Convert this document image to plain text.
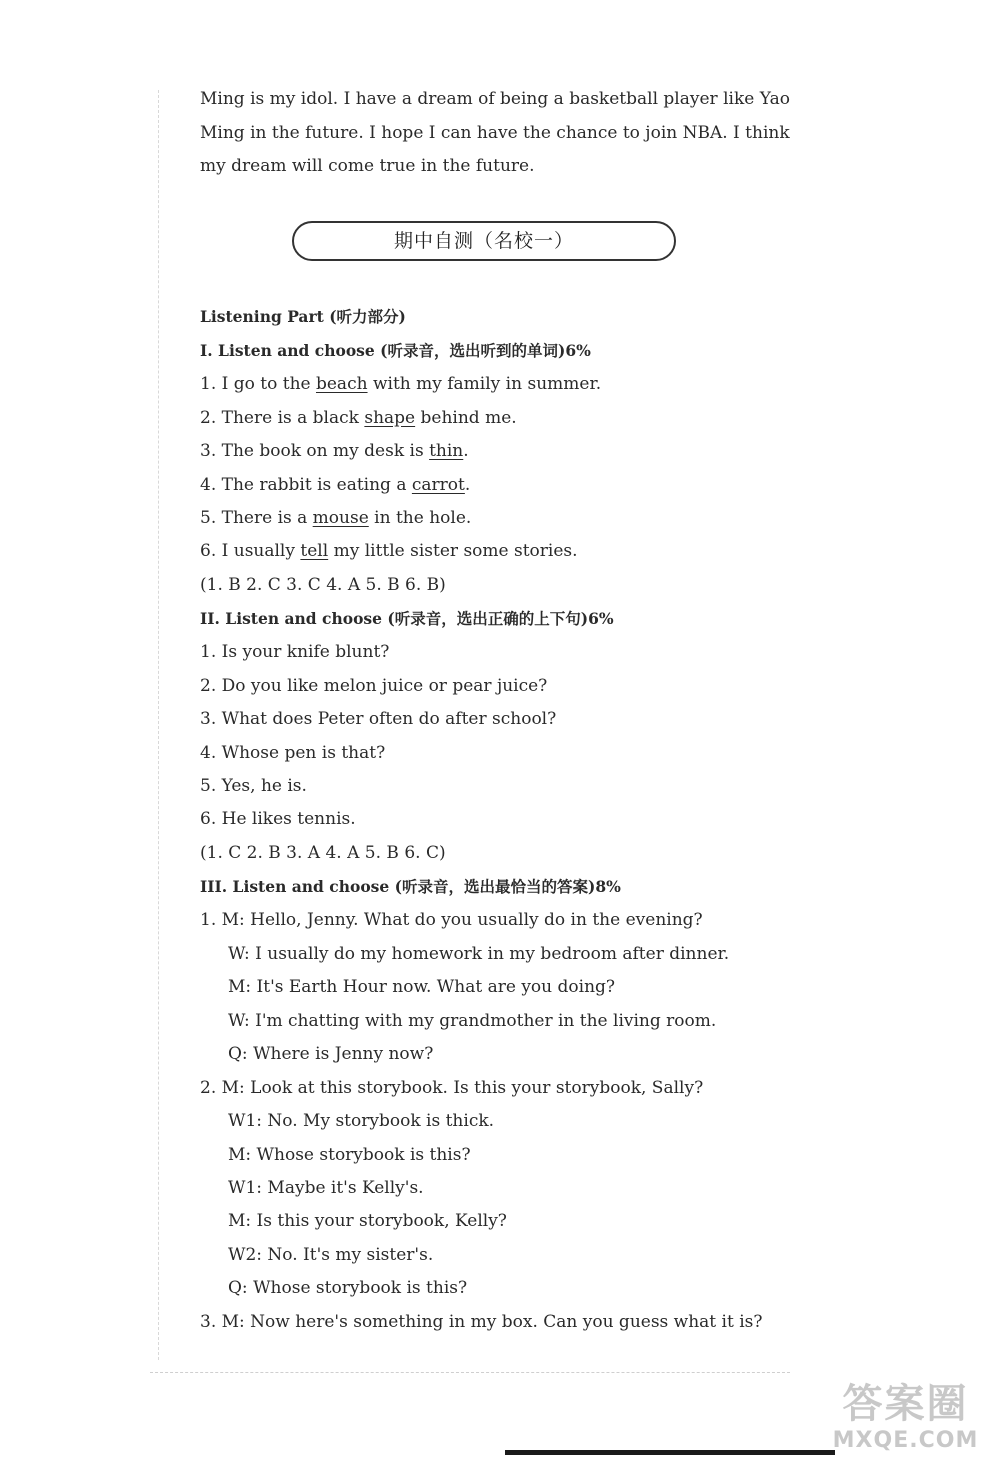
Ming is my idol. I have a dream of being a basketball player like Yao
Ming in the future. I hope I can have the chance to join NBA. I think
my dream will come true in the future.
期中自测（名校一）
Listening Part (听力部分)
I. Listen and choose (听录音，选出听到的单词)6%
1. I go to the beach with my family in summer.
2. There is a black shape behind me.
3. The book on my desk is thin.
4. The rabbit is eating a carrot.
5. There is a mouse in the hole.
6. I usually tell my little sister some stories.
(1. B 2. C 3. C 4. A 5. B 6. B)
II. Listen and choose (听录音，选出正确的上下句)6%
1. Is your knife blunt?
2. Do you like melon juice or pear juice?
3. What does Peter often do after school?
4. Whose pen is that?
5. Yes, he is.
6. He likes tennis.
(1. C 2. B 3. A 4. A 5. B 6. C)
III. Listen and choose (听录音，选出最恰当的答案)8%
1. M: Hello, Jenny. What do you usually do in the evening?
W: I usually do my homework in my bedroom after dinner.
M: It's Earth Hour now. What are you doing?
W: I'm chatting with my grandmother in the living room.
Q: Where is Jenny now?
2. M: Look at this storybook. Is this your storybook, Sally?
W1: No. My storybook is thick.
M: Whose storybook is this?
W1: Maybe it's Kelly's.
M: Is this your storybook, Kelly?
W2: No. It's my sister's.
Q: Whose storybook is this?
3. M: Now here's something in my box. Can you guess what it is?
答案圈
MXQE.COM
